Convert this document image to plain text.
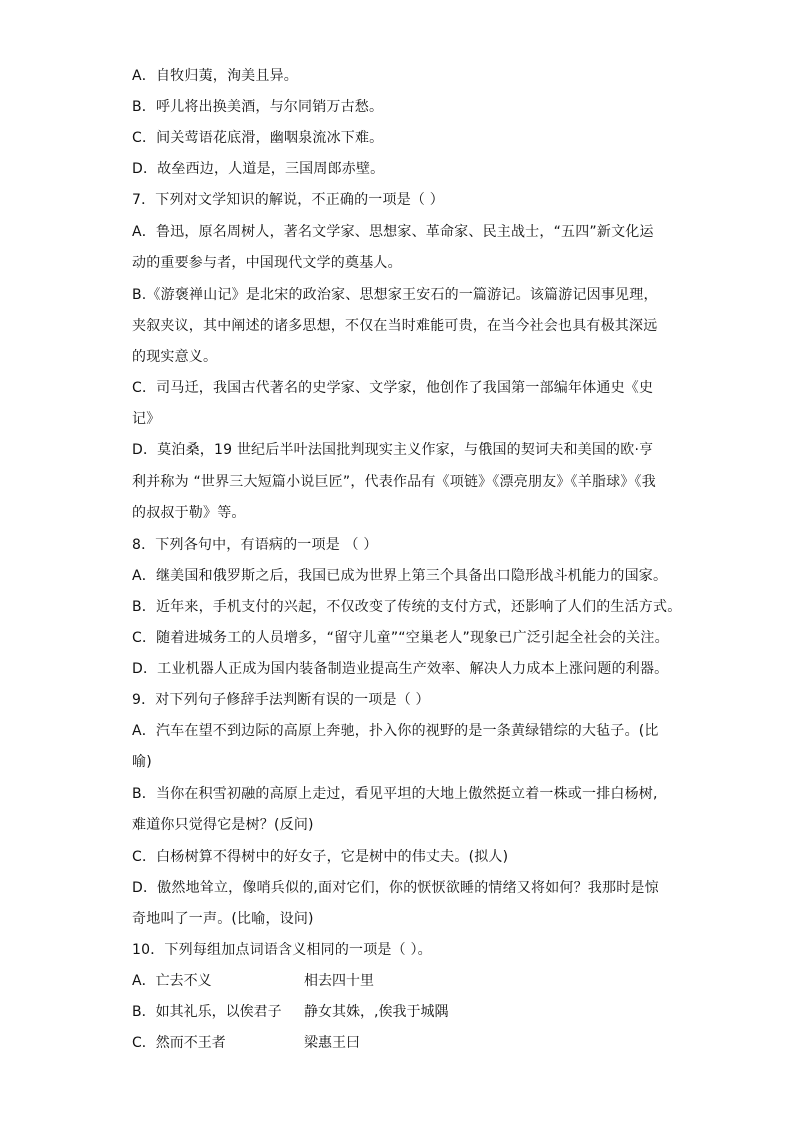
A．自牧归荑，洵美且异。
B．呼儿将出换美酒，与尔同销万古愁。
C．间关莺语花底滑，幽咽泉流冰下难。
D．故垒西边，人道是，三国周郎赤壁。
7．下列对文学知识的解说，不正确的一项是（ ）
A．鲁迅，原名周树人，著名文学家、思想家、革命家、民主战士，“五四”新文化运
动的重要参与者，中国现代文学的奠基人。
B.《游褒禅山记》是北宋的政治家、思想家王安石的一篇游记。该篇游记因事见理，
夹叙夹议，其中阐述的诸多思想，不仅在当时难能可贵，在当今社会也具有极其深远
的现实意义。
C．司马迁，我国古代著名的史学家、文学家，他创作了我国第一部编年体通史《史
记》
D．莫泊桑，19 世纪后半叶法国批判现实主义作家，与俄国的契诃夫和美国的欧·亨
利并称为 “世界三大短篇小说巨匠”，代表作品有《项链》《漂亮朋友》《羊脂球》《我
的叔叔于勒》等。
8．下列各句中，有语病的一项是 （ ）
A．继美国和俄罗斯之后，我国已成为世界上第三个具备出口隐形战斗机能力的国家。
B．近年来，手机支付的兴起，不仅改变了传统的支付方式，还影响了人们的生活方式。
C．随着进城务工的人员增多，“留守儿童”“空巢老人”现象已广泛引起全社会的关注。
D．工业机器人正成为国内装备制造业提高生产效率、解决人力成本上涨问题的利器。
9．对下列句子修辞手法判断有误的一项是（ ）
A．汽车在望不到边际的高原上奔驰，扑入你的视野的是一条黄绿错综的大毡子。(比
喻)
B．当你在积雪初融的高原上走过，看见平坦的大地上傲然挺立着一株或一排白杨树,
难道你只觉得它是树？(反问)
C．白杨树算不得树中的好女子，它是树中的伟丈夫。(拟人)
D．傲然地耸立，像哨兵似的,面对它们，你的恹恹欲睡的情绪又将如何？我那时是惊
奇地叫了一声。(比喻，设问)
10．下列每组加点词语含义相同的一项是（ ）。
A．亡去不义	相去四十里
B．如其礼乐，以俟君子 静女其姝，,俟我于城隅
C．然而不王者	梁惠王曰
